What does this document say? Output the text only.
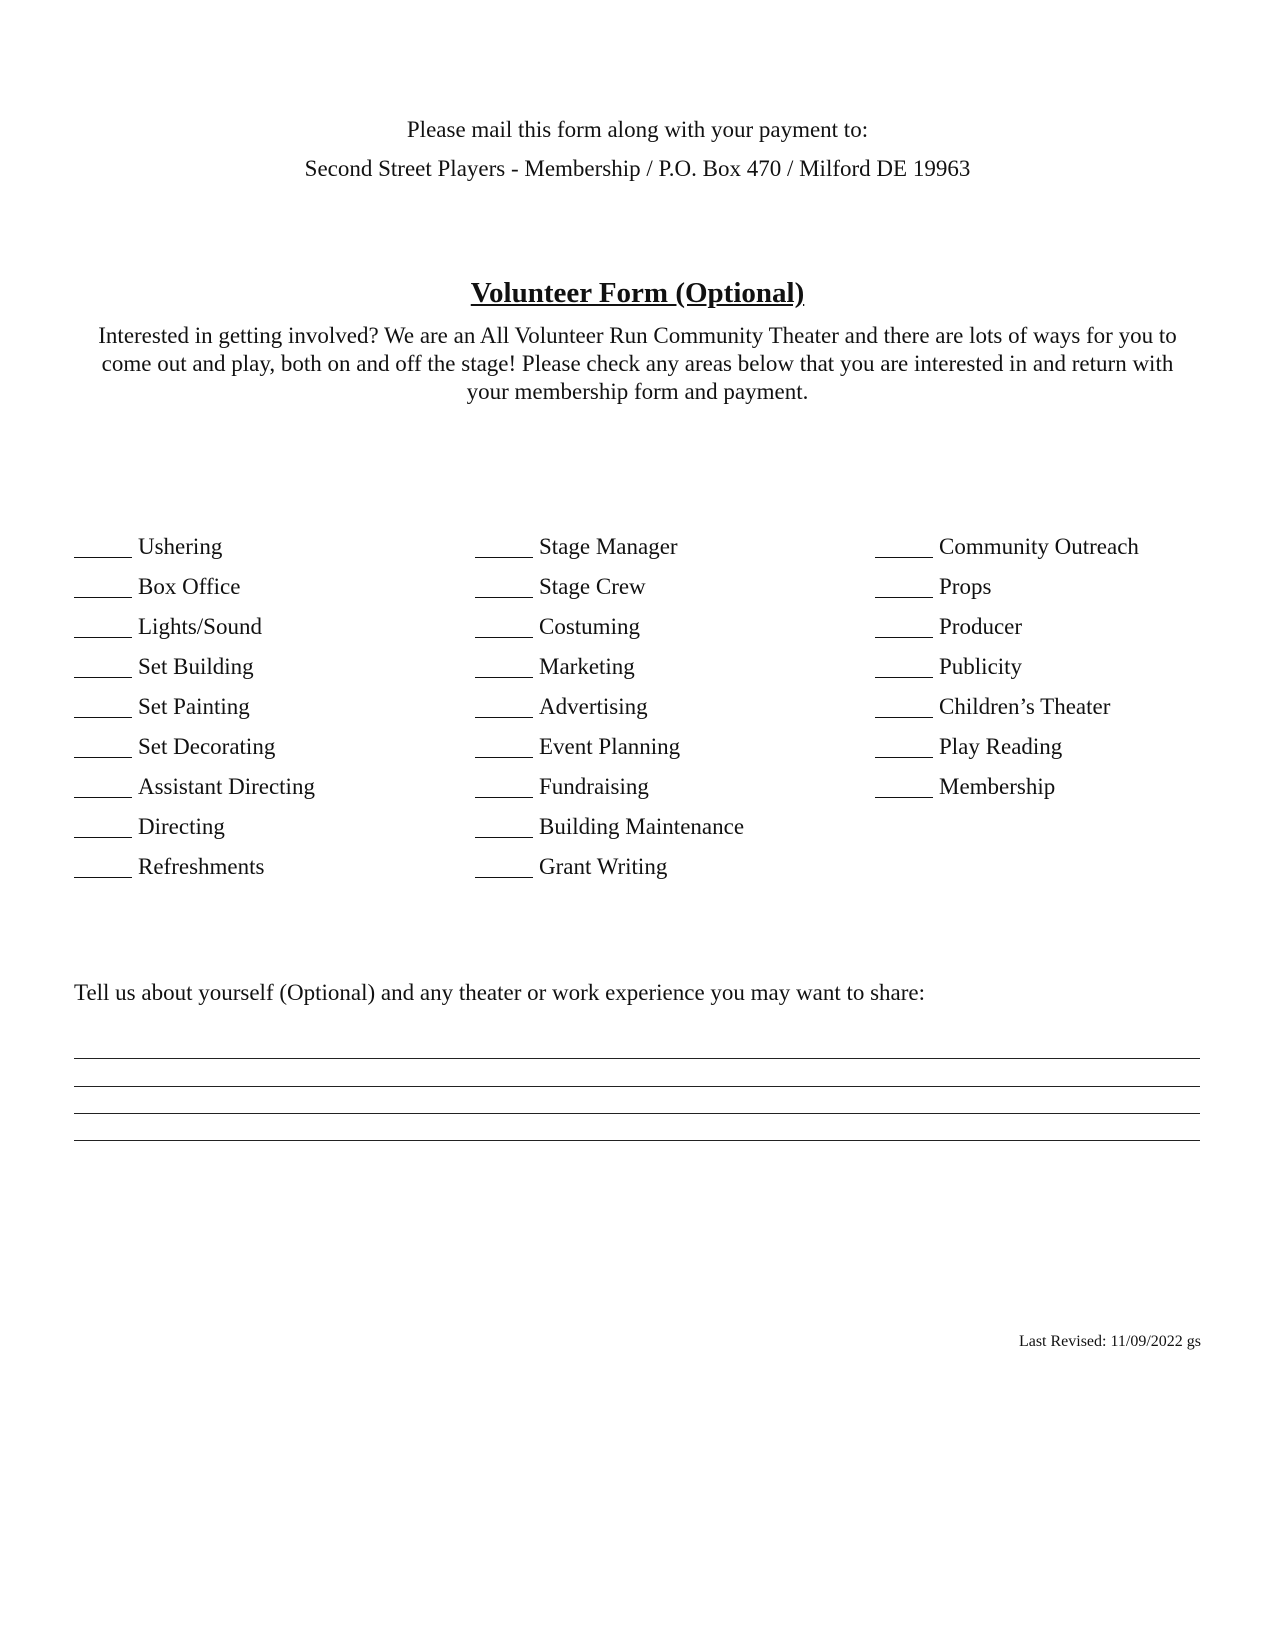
Please mail this form along with your payment to:
Second Street Players - Membership / P.O. Box 470 / Milford DE 19963
Volunteer Form (Optional)
Interested in getting involved? We are an All Volunteer Run Community Theater and there are lots of ways for you to come out and play, both on and off the stage! Please check any areas below that you are interested in and return with your membership form and payment.
Ushering
Box Office
Lights/Sound
Set Building
Set Painting
Set Decorating
Assistant Directing
Directing
Refreshments
Stage Manager
Stage Crew
Costuming
Marketing
Advertising
Event Planning
Fundraising
Building Maintenance
Grant Writing
Community Outreach
Props
Producer
Publicity
Children’s Theater
Play Reading
Membership
Tell us about yourself (Optional) and any theater or work experience you may want to share:
Last Revised: 11/09/2022 gs
